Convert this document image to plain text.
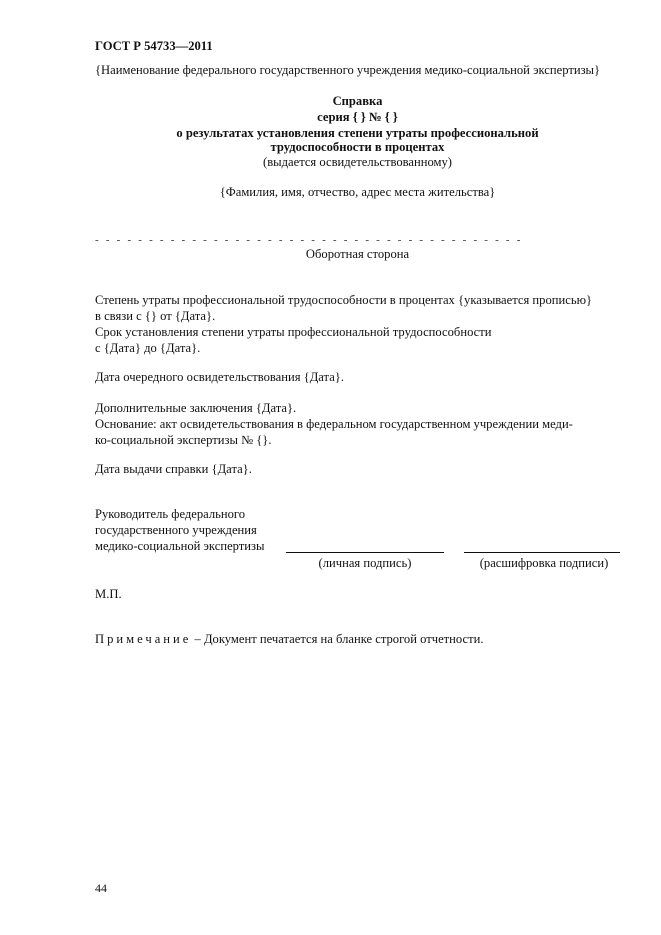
ГОСТ Р 54733—2011
{Наименование федерального государственного учреждения медико-социальной экспертизы}
Справка
серия { } № { }
о результатах установления степени утраты профессиональной
трудоспособности в процентах
(выдается освидетельствованному)
{Фамилия, имя, отчество, адрес места жительства}
- - - - - - - - - - - - - - - - - - - - - - - - - - - - - - - - - - - - - - - -
Оборотная сторона
Степень утраты профессиональной трудоспособности в процентах {указывается прописью}
в связи с {} от {Дата}.
Срок установления степени утраты профессиональной трудоспособности
с {Дата} до {Дата}.
Дата очередного освидетельствования {Дата}.
Дополнительные заключения {Дата}.
Основание: акт освидетельствования в федеральном государственном учреждении меди-
ко-социальной экспертизы № {}.
Дата выдачи справки {Дата}.
Руководитель федерального
государственного учреждения
медико-социальной экспертизы
(личная подпись)	(расшифровка подписи)
М.П.
Примечание – Документ печатается на бланке строгой отчетности.
44
